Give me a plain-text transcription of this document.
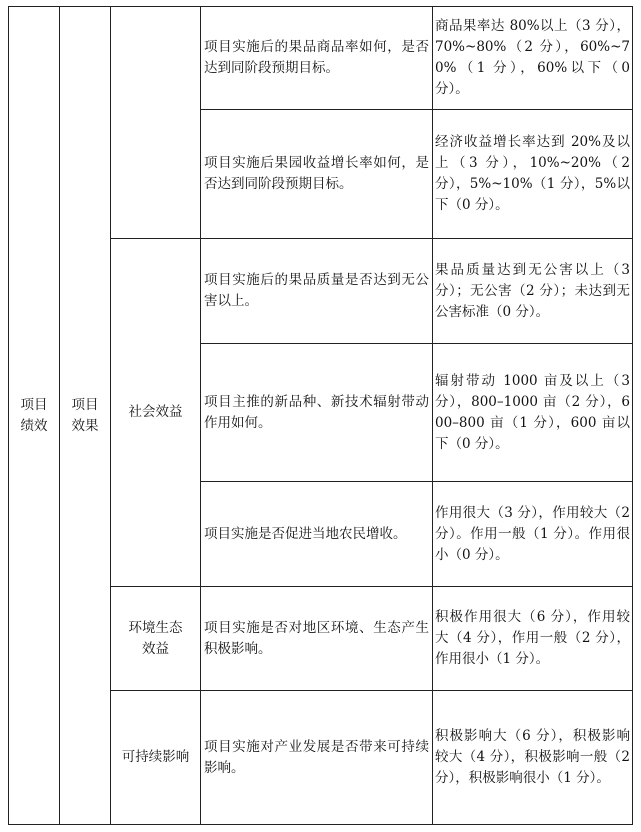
项目绩效	项目效果		项目实施后的果品商品率如何，是否达到同阶段预期目标。	商品果率达 80%以上（3 分），70%~80%（2 分），60%~70%（1 分），60%以下（0 分）。
			项目实施后果园收益增长率如何，是否达到同阶段预期目标。	经济收益增长率达到 20%及以上（3 分），10%~20%（2 分），5%~10%（1 分），5%以下（0 分）。
		社会效益	项目实施后的果品质量是否达到无公害以上。	果品质量达到无公害以上（3 分）；无公害（2 分）；未达到无公害标准（0 分）。
			项目主推的新品种、新技术辐射带动作用如何。	辐射带动 1000 亩及以上（3 分），800–1000 亩（2 分），600–800 亩（1 分），600 亩以下（0 分）。
			项目实施是否促进当地农民增收。	作用很大（3 分），作用较大（2 分）。作用一般（1 分）。作用很小（0 分）。
		环境生态效益	项目实施是否对地区环境、生态产生积极影响。	积极作用很大（6 分），作用较大（4 分），作用一般（2 分），作用很小（1 分）。
		可持续影响	项目实施对产业发展是否带来可持续影响。	积极影响大（6 分），积极影响较大（4 分），积极影响一般（2 分），积极影响很小（1 分）。
